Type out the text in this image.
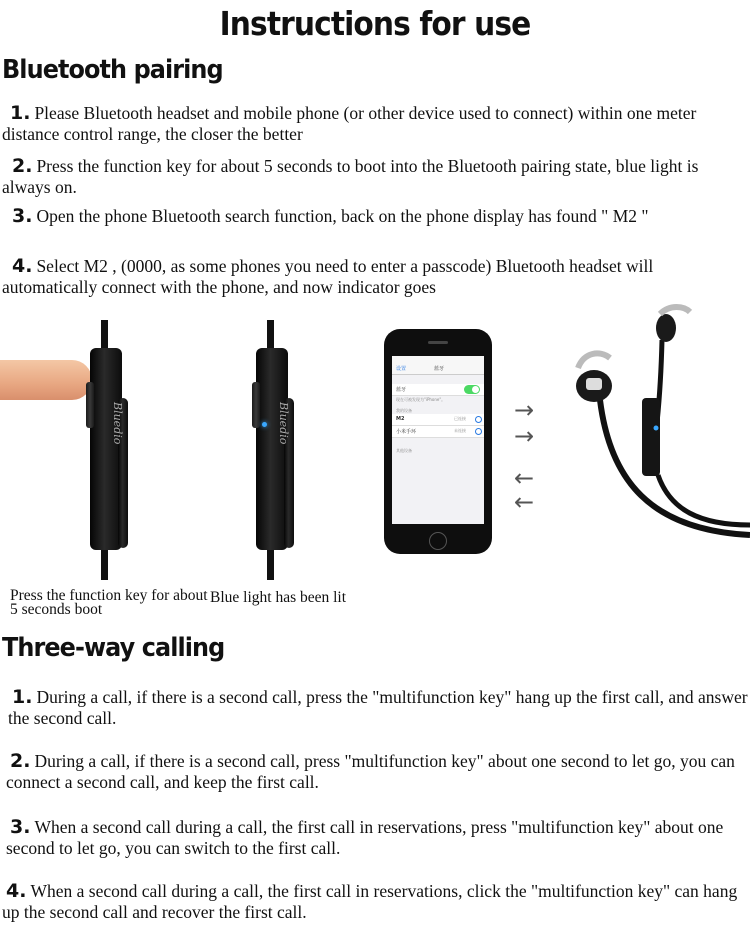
Instructions for use
Bluetooth pairing

1. Please Bluetooth headset and mobile phone (or other device used to connect) within one meter distance control range, the closer the better

2. Press the function key for about 5 seconds to boot into the Bluetooth pairing state, blue light is always on.

3. Open the phone Bluetooth search function, back on the phone display has found " M2 "

4. Select M2 , (0000, as some phones you need to enter a passcode) Bluetooth headset will automatically connect with the phone, and now indicator goes

Bluedio	Bluedio
设置	蓝牙
蓝牙
现在可被发现为"iPhone"。
我的设备
M2	已连接
小米手环	未连接
其他设备
→
→
←
←
Press the function key for about 5 seconds boot
Blue light has been lit
Three-way calling

1. During a call, if there is a second call, press the "multifunction key" hang up the first call, and answer the second call.

2. During a call, if there is a second call, press "multifunction key" about one second to let go, you can connect a second call, and keep the first call.

3. When a second call during a call, the first call in reservations, press "multifunction key" about one second to let go, you can switch to the first call.

4. When a second call during a call, the first call in reservations, click the "multifunction key" can hang up the second call and recover the first call.
